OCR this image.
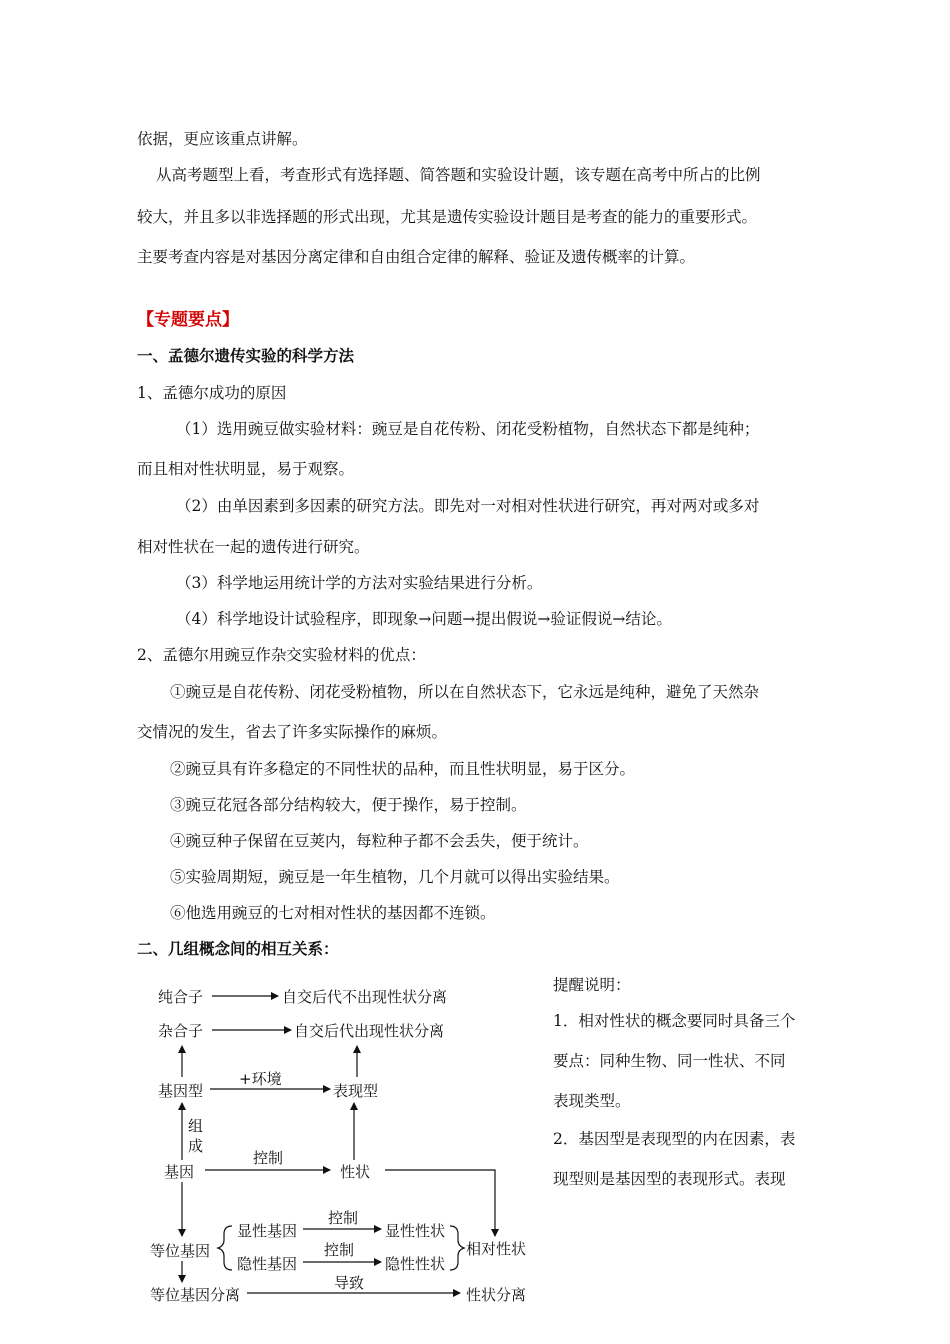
依据，更应该重点讲解。
从高考题型上看，考查形式有选择题、简答题和实验设计题，该专题在高考中所占的比例
较大，并且多以非选择题的形式出现，尤其是遗传实验设计题目是考查的能力的重要形式。
主要考查内容是对基因分离定律和自由组合定律的解释、验证及遗传概率的计算。
【专题要点】
一、孟德尔遗传实验的科学方法
1、孟德尔成功的原因
（1）选用豌豆做实验材料：豌豆是自花传粉、闭花受粉植物，自然状态下都是纯种；
而且相对性状明显，易于观察。
（2）由单因素到多因素的研究方法。即先对一对相对性状进行研究，再对两对或多对
相对性状在一起的遗传进行研究。
（3）科学地运用统计学的方法对实验结果进行分析。
（4）科学地设计试验程序，即现象→问题→提出假说→验证假说→结论。
2、孟德尔用豌豆作杂交实验材料的优点：
①豌豆是自花传粉、闭花受粉植物，所以在自然状态下，它永远是纯种，避免了天然杂
交情况的发生，省去了许多实际操作的麻烦。
②豌豆具有许多稳定的不同性状的品种，而且性状明显，易于区分。
③豌豆花冠各部分结构较大，便于操作，易于控制。
④豌豆种子保留在豆荚内，每粒种子都不会丢失，便于统计。
⑤实验周期短，豌豆是一年生植物，几个月就可以得出实验结果。
⑥他选用豌豆的七对相对性状的基因都不连锁。
二、几组概念间的相互关系：
纯合子	自交后代不出现性状分离
杂合子	自交后代出现性状分离
基因型
+环境
表现型
组
成
基因
控制
性状
等位基因
显性基因
控制
显性性状
隐性基因
控制
隐性性状
相对性状
等位基因分离
导致
性状分离
提醒说明：
1．相对性状的概念要同时具备三个
要点：同种生物、同一性状、不同
表现类型。
2．基因型是表现型的内在因素，表
现型则是基因型的表现形式。表现
